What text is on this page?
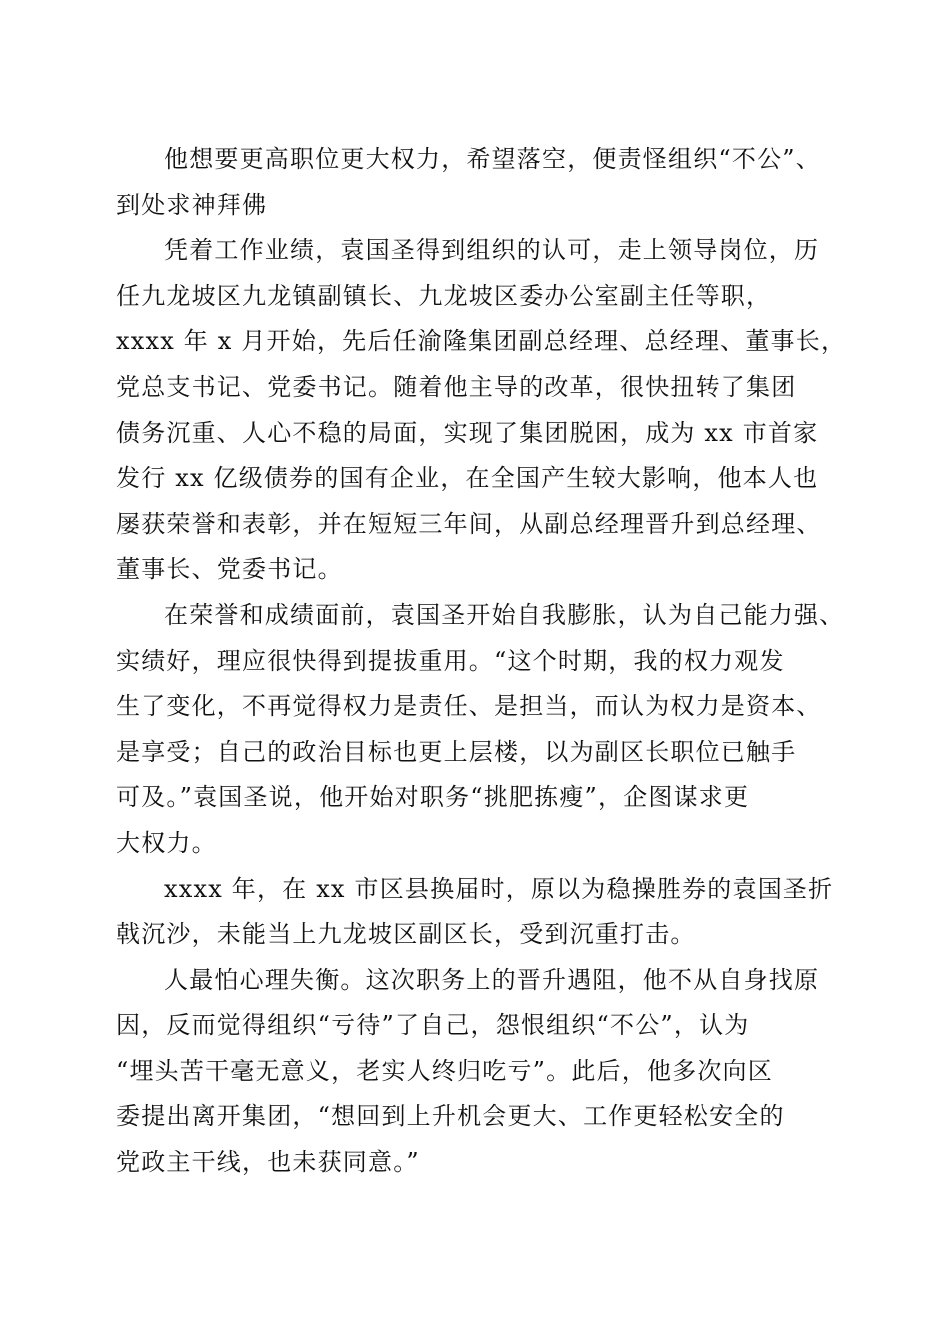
他想要更高职位更大权力，希望落空，便责怪组织“不公”、
到处求神拜佛
凭着工作业绩，袁国圣得到组织的认可，走上领导岗位，历
任九龙坡区九龙镇副镇长、九龙坡区委办公室副主任等职，
xxxx 年 x 月开始，先后任渝隆集团副总经理、总经理、董事长，
党总支书记、党委书记。随着他主导的改革，很快扭转了集团
债务沉重、人心不稳的局面，实现了集团脱困，成为 xx 市首家
发行 xx 亿级债券的国有企业，在全国产生较大影响，他本人也
屡获荣誉和表彰，并在短短三年间，从副总经理晋升到总经理、
董事长、党委书记。
在荣誉和成绩面前，袁国圣开始自我膨胀，认为自己能力强、
实绩好，理应很快得到提拔重用。“这个时期，我的权力观发
生了变化，不再觉得权力是责任、是担当，而认为权力是资本、
是享受；自己的政治目标也更上层楼，以为副区长职位已触手
可及。”袁国圣说，他开始对职务“挑肥拣瘦”，企图谋求更
大权力。
xxxx 年，在 xx 市区县换届时，原以为稳操胜券的袁国圣折
戟沉沙，未能当上九龙坡区副区长，受到沉重打击。
人最怕心理失衡。这次职务上的晋升遇阻，他不从自身找原
因，反而觉得组织“亏待”了自己，怨恨组织“不公”，认为
“埋头苦干毫无意义，老实人终归吃亏”。此后，他多次向区
委提出离开集团，“想回到上升机会更大、工作更轻松安全的
党政主干线，也未获同意。”
